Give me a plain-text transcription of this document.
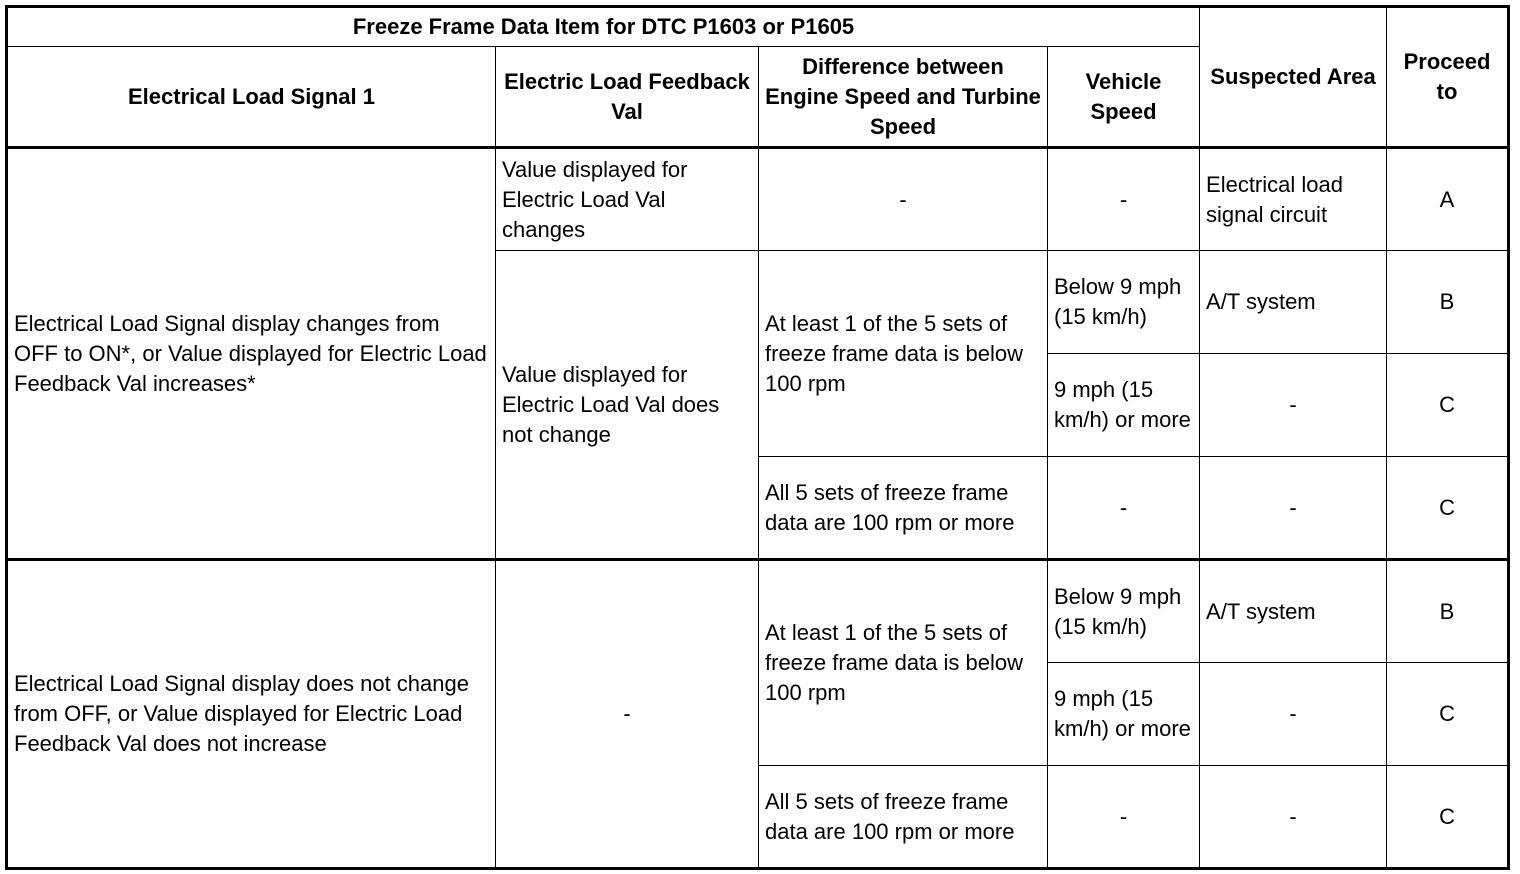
Freeze Frame Data Item for DTC P1603 or P1605				Suspected Area	Proceed to
Electrical Load Signal 1	Electric Load Feedback Val	Difference between Engine Speed and Turbine Speed	Vehicle Speed		
Electrical Load Signal display changes from OFF to ON*, or Value displayed for Electric Load Feedback Val increases*	Value displayed for Electric Load Val changes	-	-	Electrical load signal circuit	A
	Value displayed for Electric Load Val does not change	At least 1 of the 5 sets of freeze frame data is below 100 rpm	Below 9 mph (15 km/h)	A/T system	B
			9 mph (15 km/h) or more	-	C
		All 5 sets of freeze frame data are 100 rpm or more	-	-	C
Electrical Load Signal display does not change from OFF, or Value displayed for Electric Load Feedback Val does not increase	-	At least 1 of the 5 sets of freeze frame data is below 100 rpm	Below 9 mph (15 km/h)	A/T system	B
			9 mph (15 km/h) or more	-	C
		All 5 sets of freeze frame data are 100 rpm or more	-	-	C
